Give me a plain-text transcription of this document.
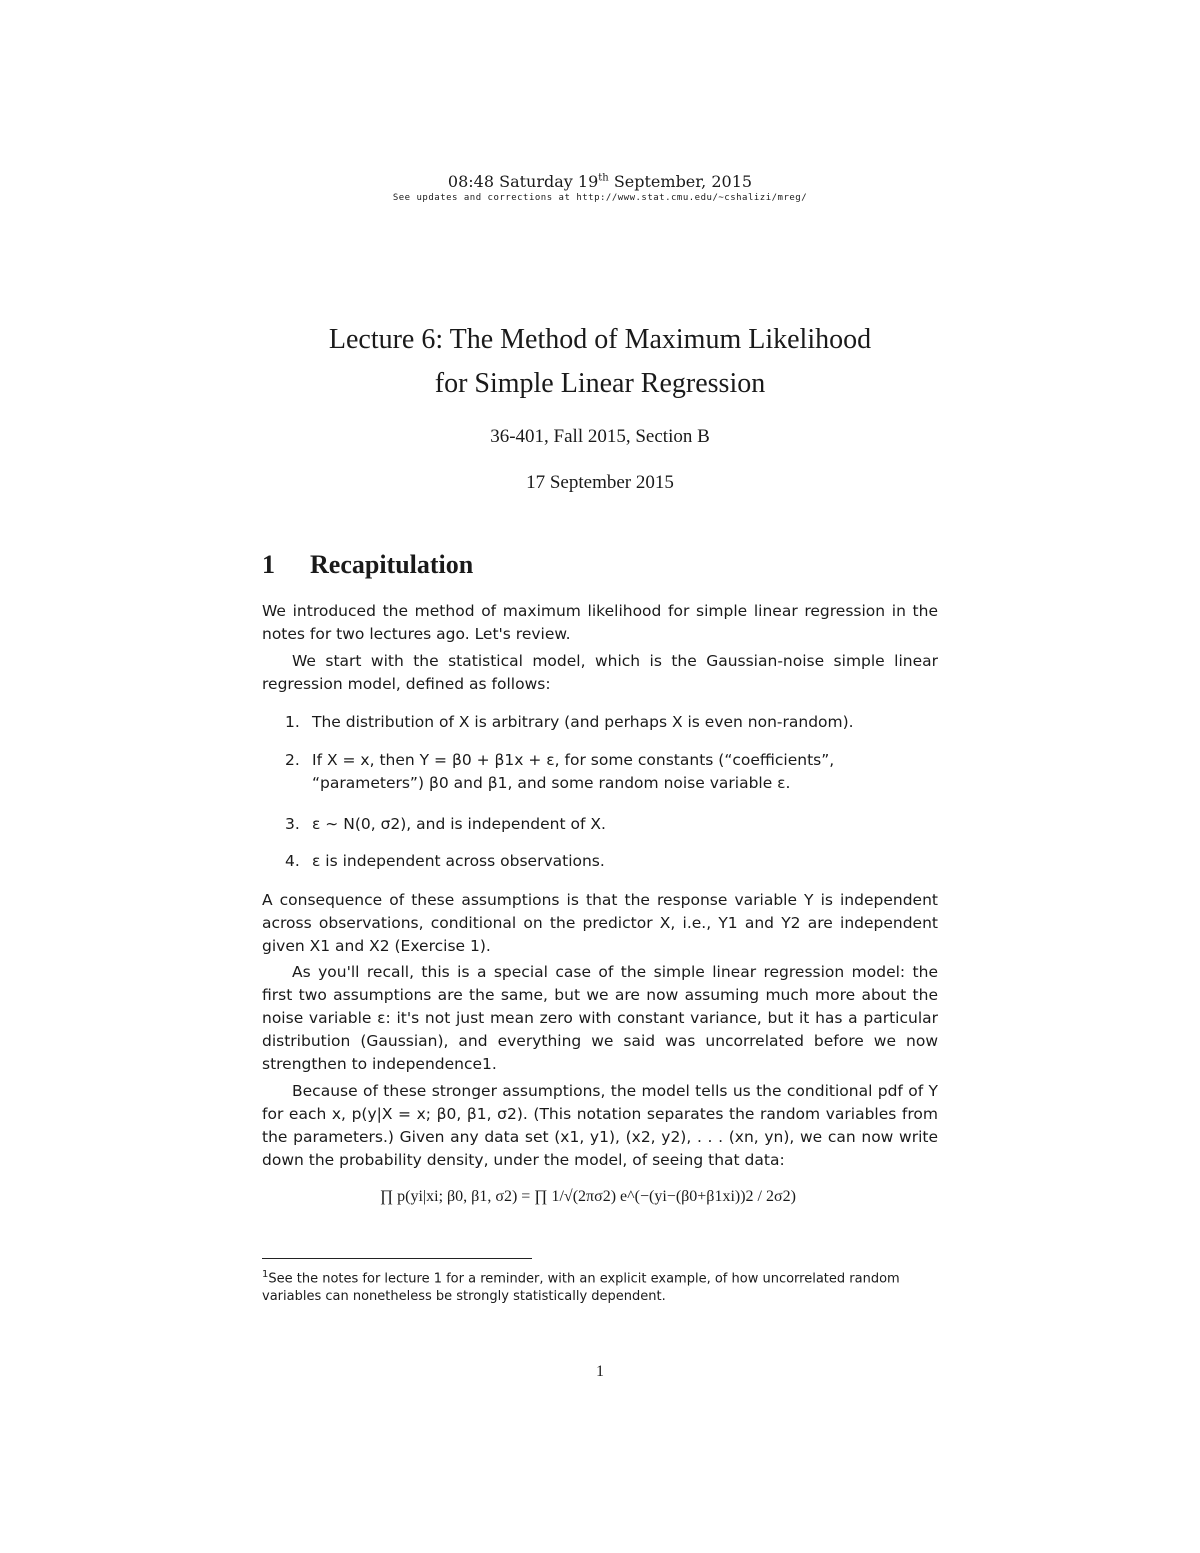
08:48 Saturday 19th September, 2015
See updates and corrections at http://www.stat.cmu.edu/~cshalizi/mreg/
Lecture 6: The Method of Maximum Likelihood
for Simple Linear Regression
36-401, Fall 2015, Section B
17 September 2015
1 Recapitulation
We introduced the method of maximum likelihood for simple linear regression in the notes for two lectures ago. Let's review.
We start with the statistical model, which is the Gaussian-noise simple linear regression model, defined as follows:
1. The distribution of X is arbitrary (and perhaps X is even non-random).
2. If X = x, then Y = β0 + β1x + ε, for some constants (“coefficients”, “parameters”) β0 and β1, and some random noise variable ε.
3. ε ∼ N(0, σ2), and is independent of X.
4. ε is independent across observations.
A consequence of these assumptions is that the response variable Y is independent across observations, conditional on the predictor X, i.e., Y1 and Y2 are independent given X1 and X2 (Exercise 1).
As you'll recall, this is a special case of the simple linear regression model: the first two assumptions are the same, but we are now assuming much more about the noise variable ε: it's not just mean zero with constant variance, but it has a particular distribution (Gaussian), and everything we said was uncorrelated before we now strengthen to independence1.
Because of these stronger assumptions, the model tells us the conditional pdf of Y for each x, p(y|X = x; β0, β1, σ2). (This notation separates the random variables from the parameters.) Given any data set (x1, y1), (x2, y2), . . . (xn, yn), we can now write down the probability density, under the model, of seeing that data:
∏ p(yi|xi; β0, β1, σ2) = ∏ 1/√(2πσ2) e^(−(yi−(β0+β1xi))2 / 2σ2)
$^1$See the notes for lecture 1 for a reminder, with an explicit example, of how uncorrelated random variables can nonetheless be strongly statistically dependent.
1
